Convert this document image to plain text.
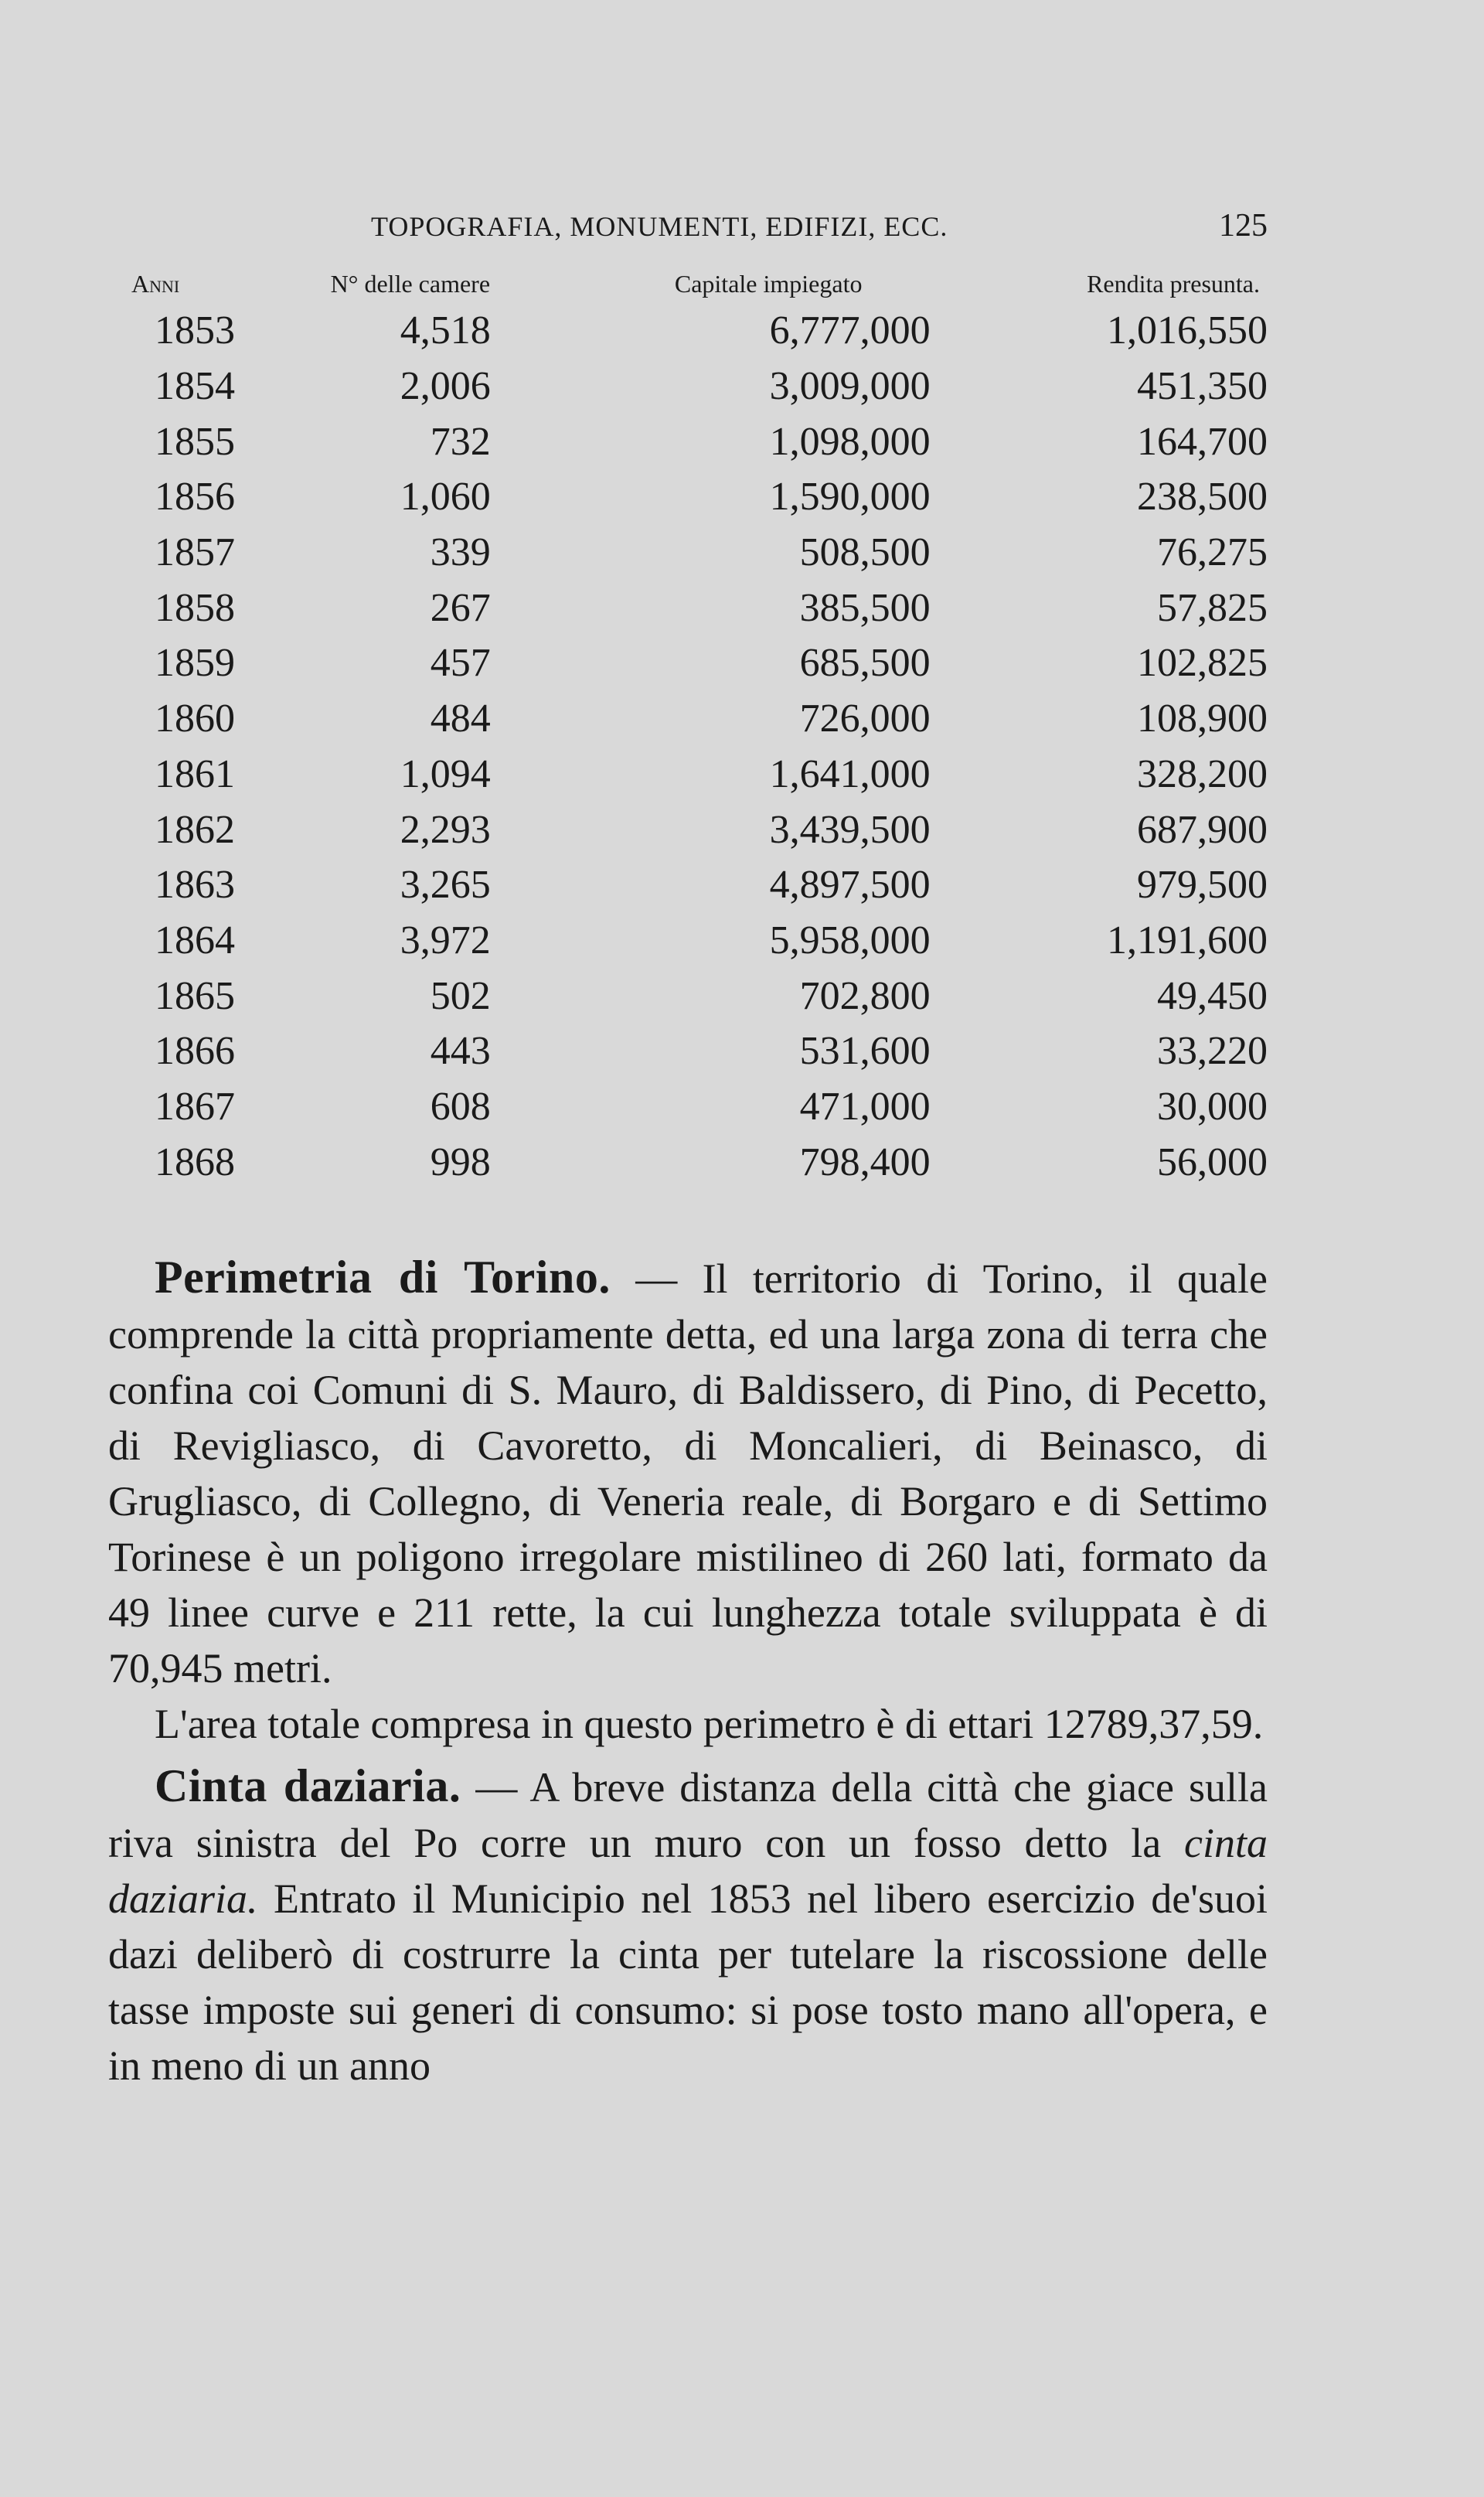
TOPOGRAFIA, MONUMENTI, EDIFIZI, ECC.	125
Anni	N° delle camere	Capitale impiegato	Rendita presunta.
1853	4,518	6,777,000	1,016,550
1854	2,006	3,009,000	451,350
1855	732	1,098,000	164,700
1856	1,060	1,590,000	238,500
1857	339	508,500	76,275
1858	267	385,500	57,825
1859	457	685,500	102,825
1860	484	726,000	108,900
1861	1,094	1,641,000	328,200
1862	2,293	3,439,500	687,900
1863	3,265	4,897,500	979,500
1864	3,972	5,958,000	1,191,600
1865	502	702,800	49,450
1866	443	531,600	33,220
1867	608	471,000	30,000
1868	998	798,400	56,000

Perimetria di Torino. — Il territorio di Torino, il quale comprende la città propriamente detta, ed una larga zona di terra che confina coi Comuni di S. Mauro, di Baldissero, di Pino, di Pecetto, di Revigliasco, di Cavoretto, di Moncalieri, di Beinasco, di Grugliasco, di Collegno, di Veneria reale, di Borgaro e di Settimo Torinese è un poligono irregolare mistilineo di 260 lati, formato da 49 linee curve e 211 rette, la cui lunghezza totale sviluppata è di 70,945 metri.

L'area totale compresa in questo perimetro è di ettari 12789,37,59.

Cinta daziaria. — A breve distanza della città che giace sulla riva sinistra del Po corre un muro con un fosso detto la cinta daziaria. Entrato il Municipio nel 1853 nel libero esercizio de'suoi dazi deliberò di costrurre la cinta per tutelare la riscossione delle tasse imposte sui generi di consumo: si pose tosto mano all'opera, e in meno di un anno
